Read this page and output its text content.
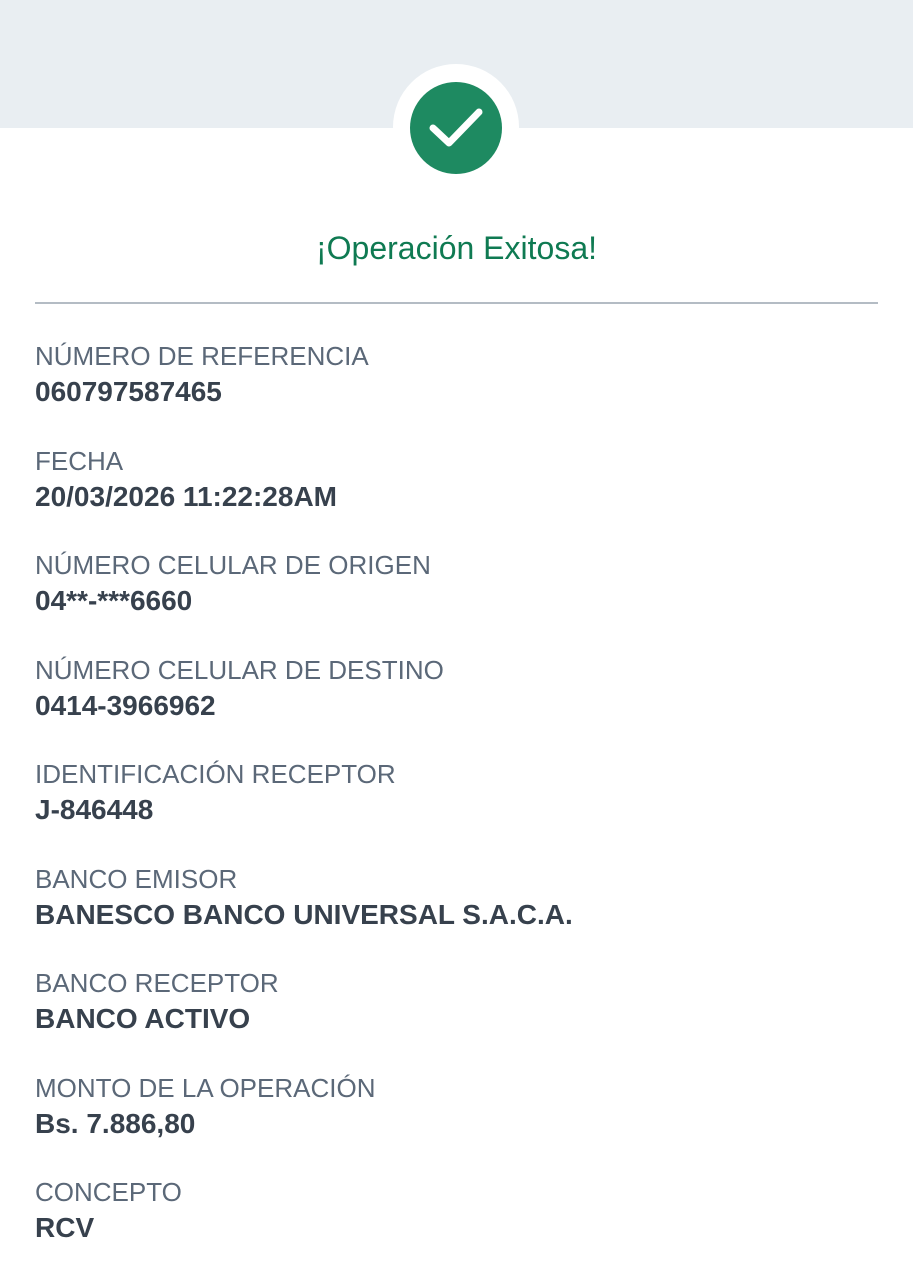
¡Operación Exitosa!
NÚMERO DE REFERENCIA
060797587465
FECHA
20/03/2026 11:22:28AM
NÚMERO CELULAR DE ORIGEN
04**-***6660
NÚMERO CELULAR DE DESTINO
0414-3966962
IDENTIFICACIÓN RECEPTOR
J-846448
BANCO EMISOR
BANESCO BANCO UNIVERSAL S.A.C.A.
BANCO RECEPTOR
BANCO ACTIVO
MONTO DE LA OPERACIÓN
Bs. 7.886,80
CONCEPTO
RCV
